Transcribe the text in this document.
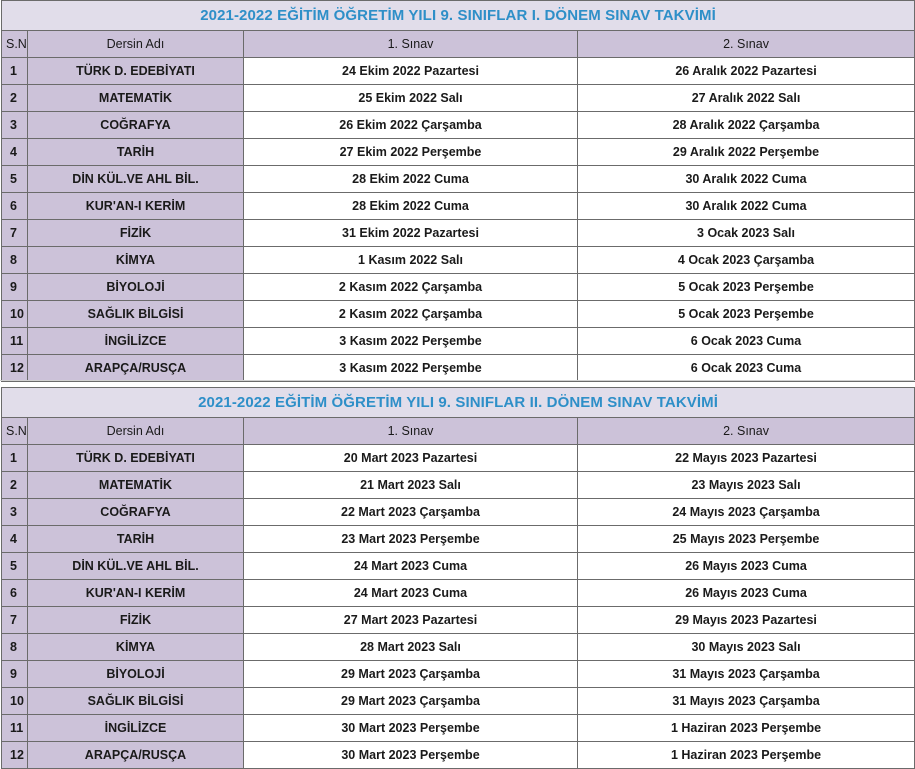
2021-2022 EĞİTİM ÖĞRETİM YILI 9. SINIFLAR I. DÖNEM SINAV TAKVİMİ			
S.N	Dersin Adı	1. Sınav	2. Sınav
1	TÜRK D. EDEBİYATI	24 Ekim 2022 Pazartesi	26 Aralık 2022 Pazartesi
2	MATEMATİK	25 Ekim 2022 Salı	27 Aralık 2022 Salı
3	COĞRAFYA	26 Ekim 2022 Çarşamba	28 Aralık 2022 Çarşamba
4	TARİH	27 Ekim 2022 Perşembe	29 Aralık 2022 Perşembe
5	DİN KÜL.VE AHL BİL.	28 Ekim 2022 Cuma	30 Aralık 2022 Cuma
6	KUR'AN-I KERİM	28 Ekim 2022 Cuma	30 Aralık 2022 Cuma
7	FİZİK	31 Ekim 2022 Pazartesi	3 Ocak 2023 Salı
8	KİMYA	1 Kasım 2022 Salı	4 Ocak 2023 Çarşamba
9	BİYOLOJİ	2 Kasım 2022 Çarşamba	5 Ocak 2023 Perşembe
10	SAĞLIK BİLGİSİ	2 Kasım 2022 Çarşamba	5 Ocak 2023 Perşembe
11	İNGİLİZCE	3 Kasım 2022 Perşembe	6 Ocak 2023 Cuma
12	ARAPÇA/RUSÇA	3 Kasım 2022 Perşembe	6 Ocak 2023 Cuma
2021-2022 EĞİTİM ÖĞRETİM YILI 9. SINIFLAR II. DÖNEM SINAV TAKVİMİ			
S.N	Dersin Adı	1. Sınav	2. Sınav
1	TÜRK D. EDEBİYATI	20 Mart 2023 Pazartesi	22 Mayıs 2023 Pazartesi
2	MATEMATİK	21 Mart 2023 Salı	23 Mayıs 2023 Salı
3	COĞRAFYA	22 Mart 2023 Çarşamba	24 Mayıs 2023 Çarşamba
4	TARİH	23 Mart 2023 Perşembe	25 Mayıs 2023 Perşembe
5	DİN KÜL.VE AHL BİL.	24 Mart 2023 Cuma	26 Mayıs 2023 Cuma
6	KUR'AN-I KERİM	24 Mart 2023 Cuma	26 Mayıs 2023 Cuma
7	FİZİK	27 Mart 2023 Pazartesi	29 Mayıs 2023 Pazartesi
8	KİMYA	28 Mart 2023 Salı	30 Mayıs 2023 Salı
9	BİYOLOJİ	29 Mart 2023 Çarşamba	31 Mayıs 2023 Çarşamba
10	SAĞLIK BİLGİSİ	29 Mart 2023 Çarşamba	31 Mayıs 2023 Çarşamba
11	İNGİLİZCE	30 Mart 2023 Perşembe	1 Haziran 2023 Perşembe
12	ARAPÇA/RUSÇA	30 Mart 2023 Perşembe	1 Haziran 2023 Perşembe
